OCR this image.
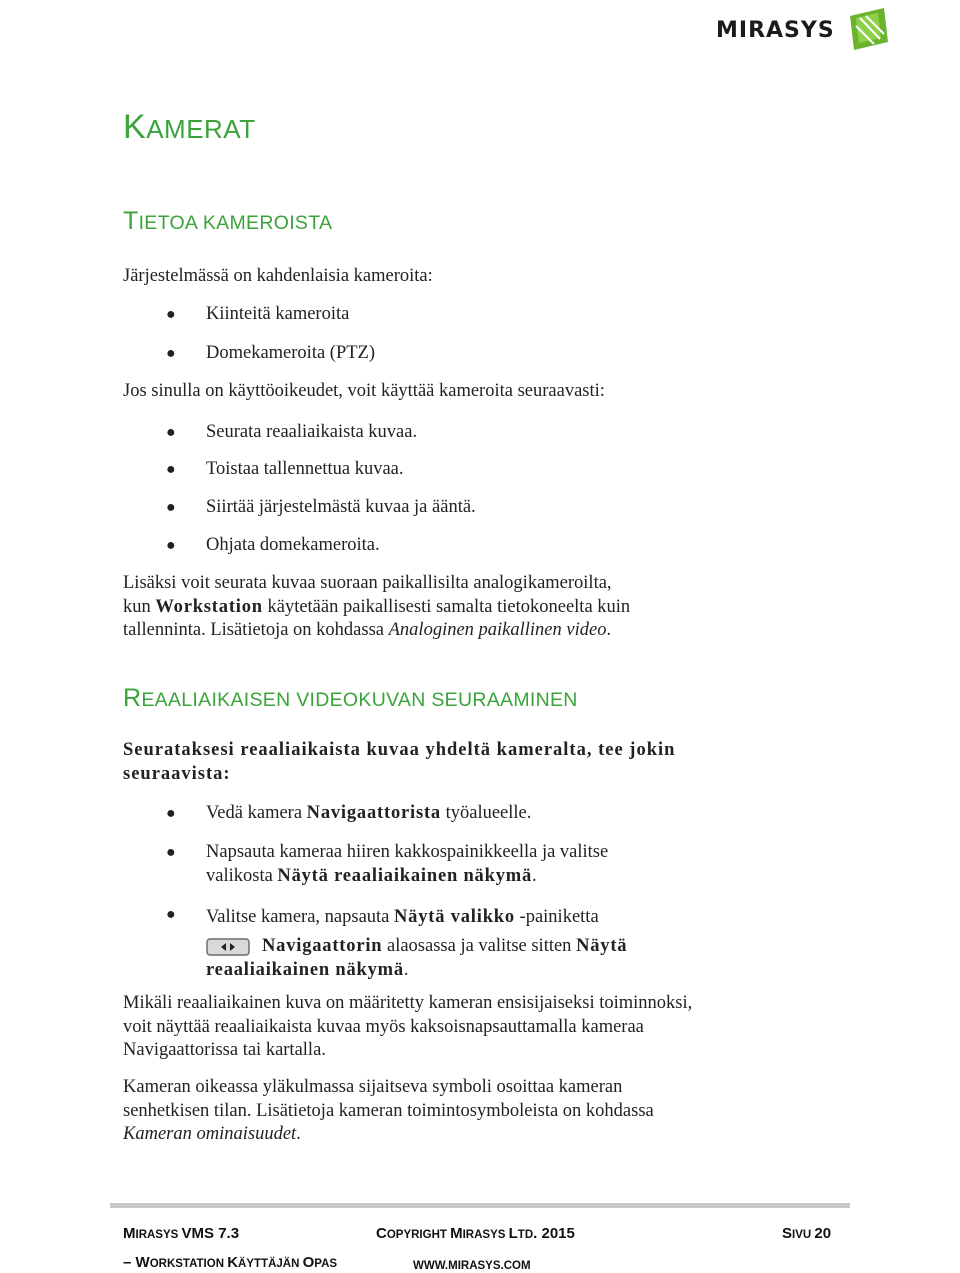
MIRASYS
KAMERAT
TIETOA KAMEROISTA

Järjestelmässä on kahdenlaisia kameroita:

● Kiinteitä kameroita
● Domekameroita (PTZ)

Jos sinulla on käyttöoikeudet, voit käyttää kameroita seuraavasti:

● Seurata reaaliaikaista kuvaa.
● Toistaa tallennettua kuvaa.
● Siirtää järjestelmästä kuvaa ja ääntä.
● Ohjata domekameroita.
Lisäksi voit seurata kuvaa suoraan paikallisilta analogikameroilta,
kun Workstation käytetään paikallisesti samalta tietokoneelta kuin
tallenninta. Lisätietoja on kohdassa Analoginen paikallinen video.
REAALIAIKAISEN VIDEOKUVAN SEURAAMINEN
Seurataksesi reaaliaikaista kuvaa yhdeltä kameralta, tee jokin
seuraavista:
● Vedä kamera Navigaattorista työalueelle.
● Napsauta kameraa hiiren kakkospainikkeella ja valitse
valikosta Näytä reaaliaikainen näkymä.
● Valitse kamera, napsauta Näytä valikko -painiketta
Navigaattorin alaosassa ja valitse sitten Näytä
reaaliaikainen näkymä.
Mikäli reaaliaikainen kuva on määritetty kameran ensisijaiseksi toiminnoksi,
voit näyttää reaaliaikaista kuvaa myös kaksoisnapsauttamalla kameraa
Navigaattorissa tai kartalla.
Kameran oikeassa yläkulmassa sijaitseva symboli osoittaa kameran
senhetkisen tilan. Lisätietoja kameran toimintosymboleista on kohdassa
Kameran ominaisuudet.
MIRASYS VMS 7.3	COPYRIGHT MIRASYS LTD. 2015	SIVU 20
– WORKSTATION KÄYTTÄJÄN OPAS	WWW.MIRASYS.COM
